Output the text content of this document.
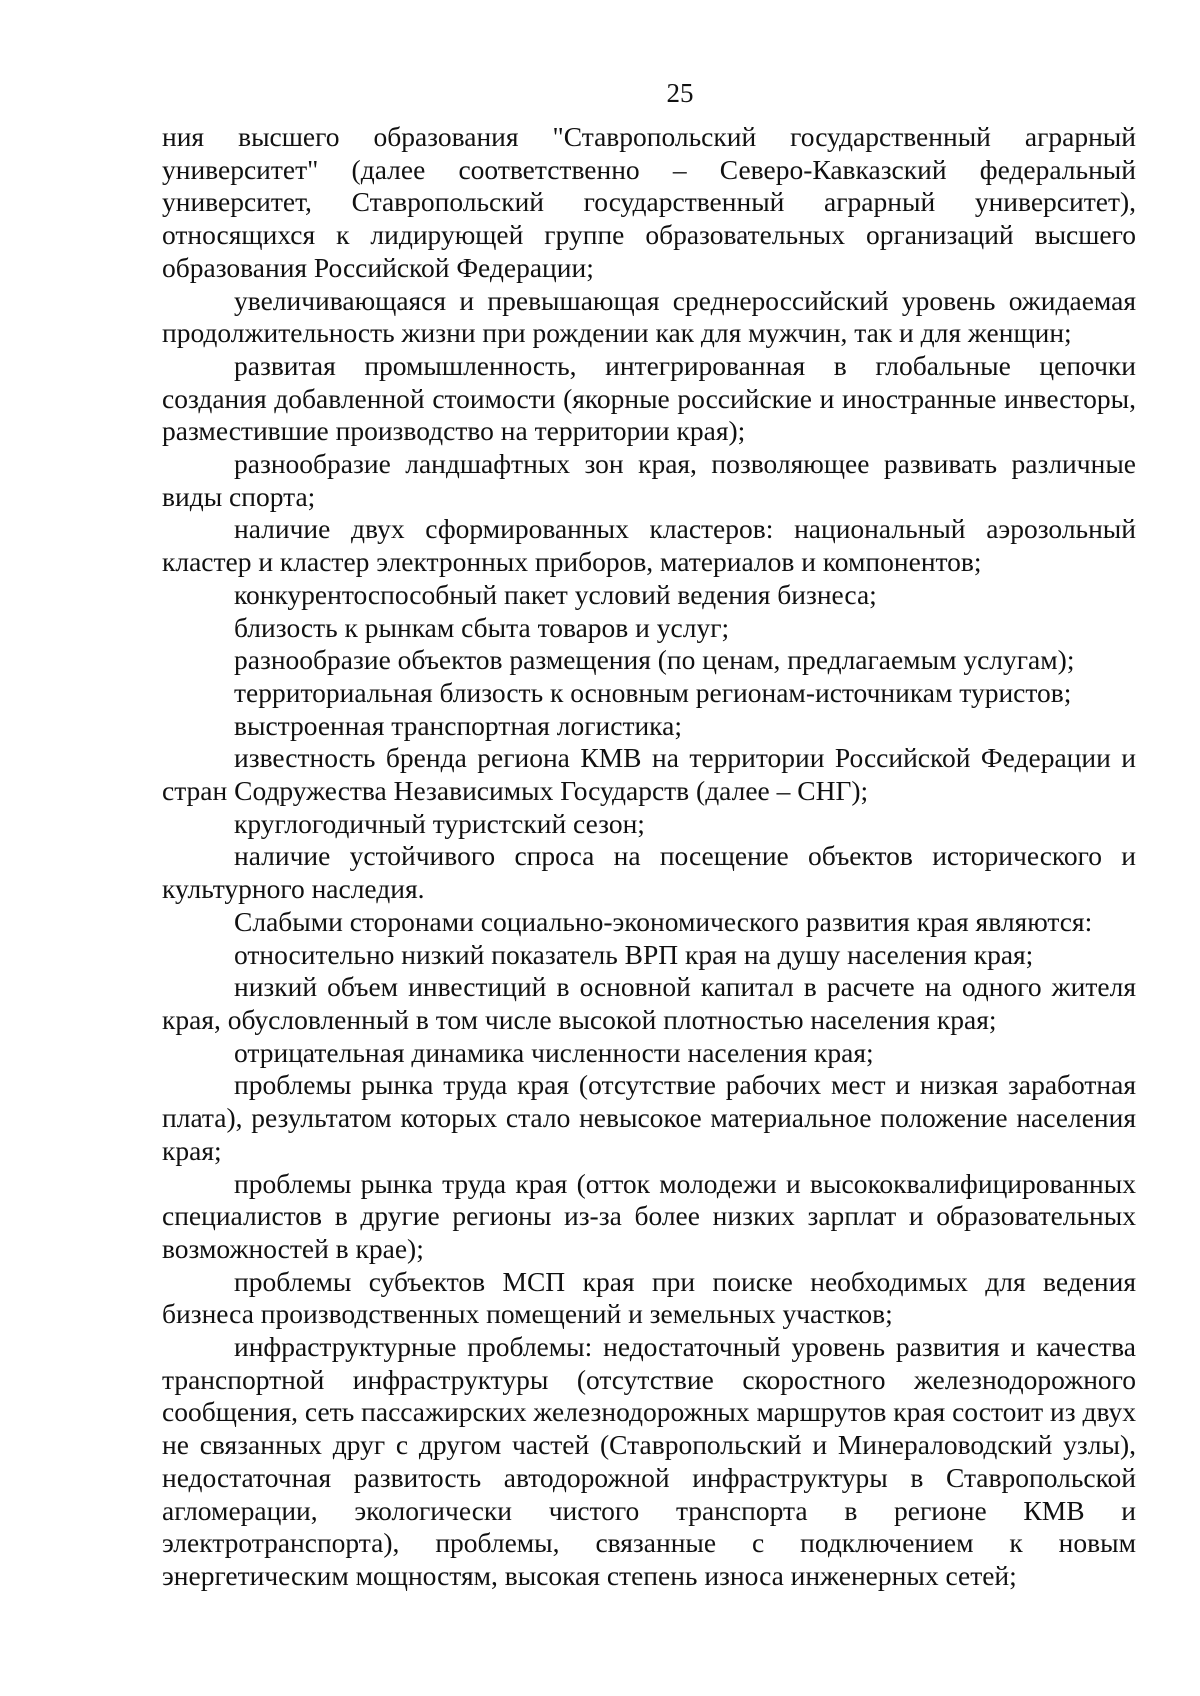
25

ния высшего образования "Ставропольский государственный аграрный университет" (далее соответственно – Северо-Кавказский федеральный университет, Ставропольский государственный аграрный университет), относящихся к лидирующей группе образовательных организаций высшего образования Российской Федерации;

увеличивающаяся и превышающая среднероссийский уровень ожидаемая продолжительность жизни при рождении как для мужчин, так и для женщин;

развитая промышленность, интегрированная в глобальные цепочки создания добавленной стоимости (якорные российские и иностранные инвесторы, разместившие производство на территории края);

разнообразие ландшафтных зон края, позволяющее развивать различные виды спорта;

наличие двух сформированных кластеров: национальный аэрозольный кластер и кластер электронных приборов, материалов и компонентов;

конкурентоспособный пакет условий ведения бизнеса;

близость к рынкам сбыта товаров и услуг;

разнообразие объектов размещения (по ценам, предлагаемым услугам);

территориальная близость к основным регионам-источникам туристов;

выстроенная транспортная логистика;

известность бренда региона КМВ на территории Российской Федерации и стран Содружества Независимых Государств (далее – СНГ);

круглогодичный туристский сезон;

наличие устойчивого спроса на посещение объектов исторического и культурного наследия.

Слабыми сторонами социально-экономического развития края являются:

относительно низкий показатель ВРП края на душу населения края;

низкий объем инвестиций в основной капитал в расчете на одного жителя края, обусловленный в том числе высокой плотностью населения края;

отрицательная динамика численности населения края;

проблемы рынка труда края (отсутствие рабочих мест и низкая заработная плата), результатом которых стало невысокое материальное положение населения края;

проблемы рынка труда края (отток молодежи и высококвалифицированных специалистов в другие регионы из-за более низких зарплат и образовательных возможностей в крае);

проблемы субъектов МСП края при поиске необходимых для ведения бизнеса производственных помещений и земельных участков;

инфраструктурные проблемы: недостаточный уровень развития и качества транспортной инфраструктуры (отсутствие скоростного железнодорожного сообщения, сеть пассажирских железнодорожных маршрутов края состоит из двух не связанных друг с другом частей (Ставропольский и Минераловодский узлы), недостаточная развитость автодорожной инфраструктуры в Ставропольской агломерации, экологически чистого транспорта в регионе КМВ и электротранспорта), проблемы, связанные с подключением к новым энергетическим мощностям, высокая степень износа инженерных сетей;
